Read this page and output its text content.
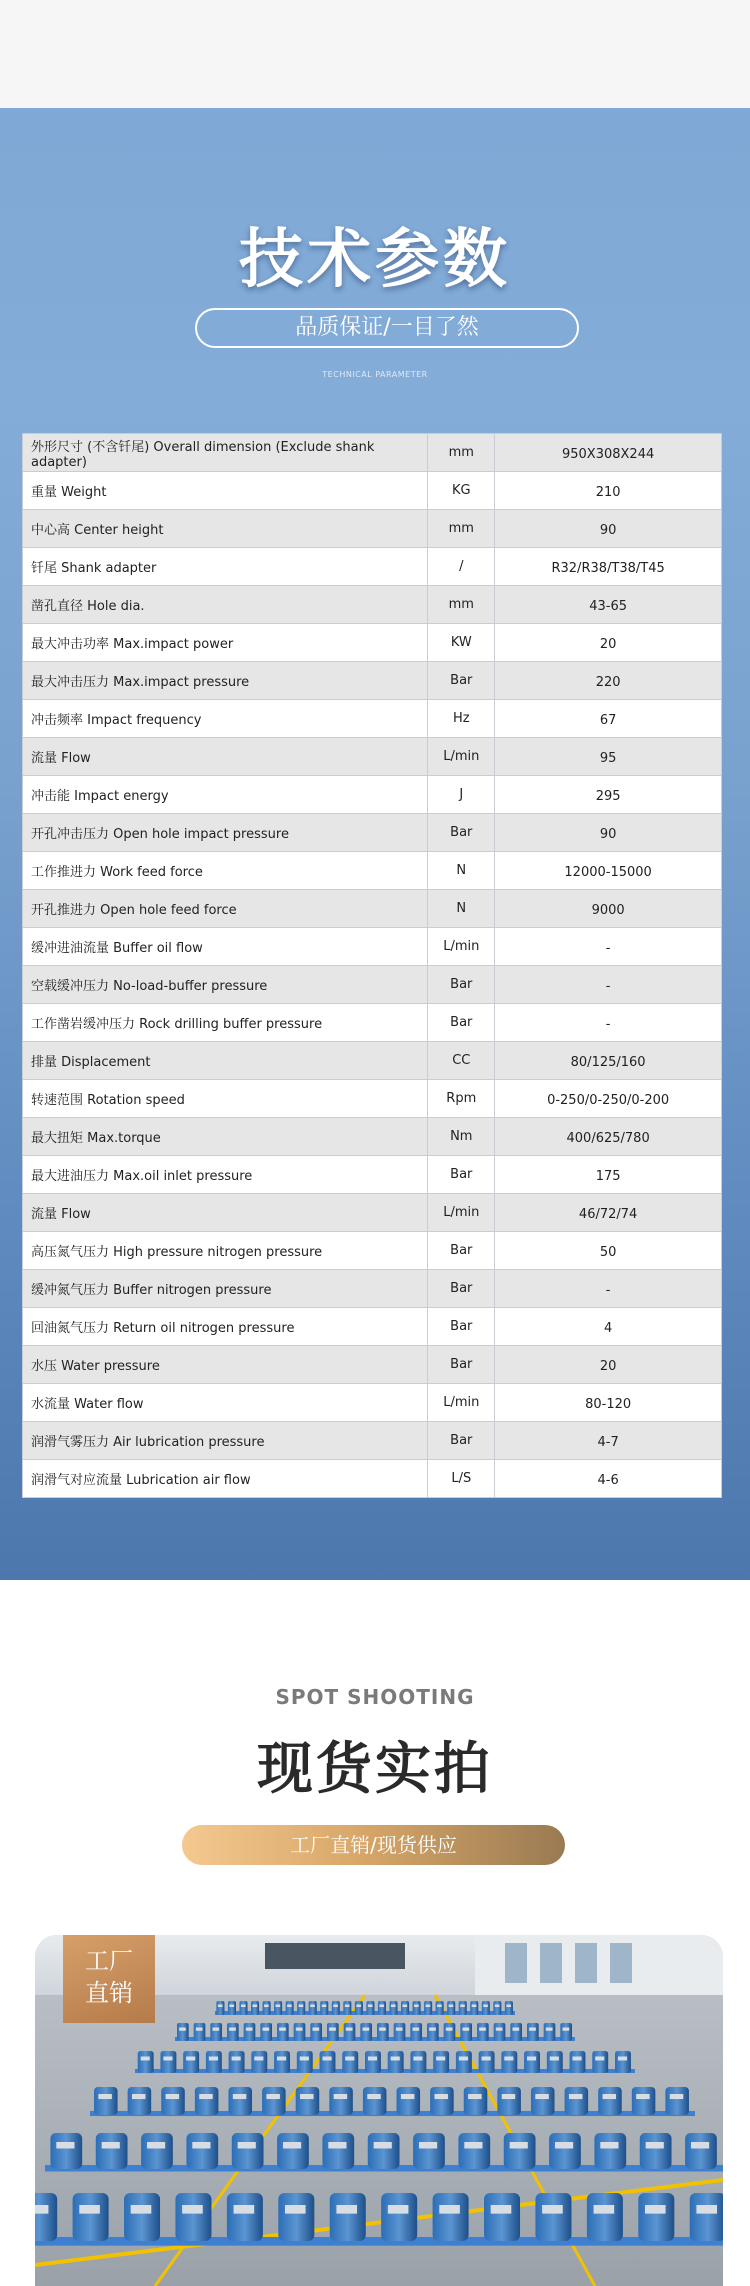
技术参数
品质保证/一目了然
TECHNICAL PARAMETER
外形尺寸 (不含钎尾) Overall dimension (Exclude shank adapter)	mm	950X308X244
重量 Weight	KG	210
中心高 Center height	mm	90
钎尾 Shank adapter	/	R32/R38/T38/T45
凿孔直径 Hole dia.	mm	43-65
最大冲击功率 Max.impact power	KW	20
最大冲击压力 Max.impact pressure	Bar	220
冲击频率 Impact frequency	Hz	67
流量 Flow	L/min	95
冲击能 Impact energy	J	295
开孔冲击压力 Open hole impact pressure	Bar	90
工作推进力 Work feed force	N	12000-15000
开孔推进力 Open hole feed force	N	9000
缓冲进油流量 Buffer oil flow	L/min	-
空载缓冲压力 No-load-buffer pressure	Bar	-
工作凿岩缓冲压力 Rock drilling buffer pressure	Bar	-
排量 Displacement	CC	80/125/160
转速范围 Rotation speed	Rpm	0-250/0-250/0-200
最大扭矩 Max.torque	Nm	400/625/780
最大进油压力 Max.oil inlet pressure	Bar	175
流量 Flow	L/min	46/72/74
高压氮气压力 High pressure nitrogen pressure	Bar	50
缓冲氮气压力 Buffer nitrogen pressure	Bar	-
回油氮气压力 Return oil nitrogen pressure	Bar	4
水压 Water pressure	Bar	20
水流量 Water flow	L/min	80-120
润滑气雾压力 Air lubrication pressure	Bar	4-7
润滑气对应流量 Lubrication air flow	L/S	4-6
SPOT SHOOTING
现货实拍
工厂直销/现货供应
工厂
直销
